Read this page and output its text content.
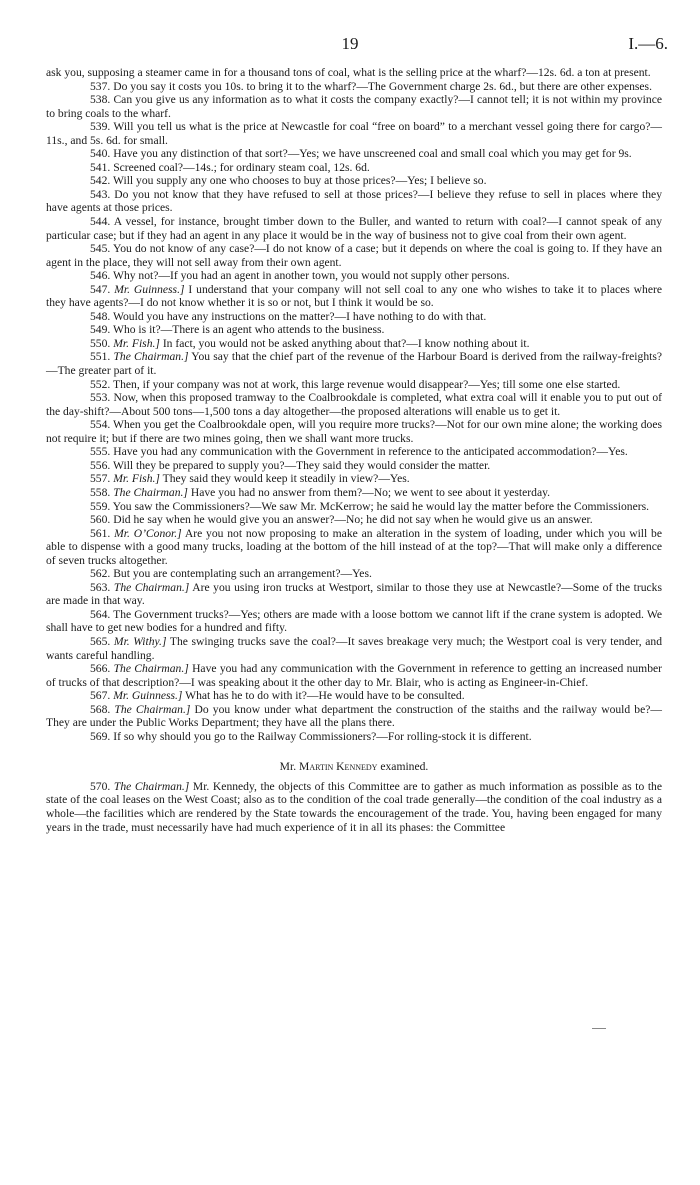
19	I.—6.

ask you, supposing a steamer came in for a thousand tons of coal, what is the selling price at the wharf?—12s. 6d. a ton at present.

537. Do you say it costs you 10s. to bring it to the wharf?—The Government charge 2s. 6d., but there are other expenses.

538. Can you give us any information as to what it costs the company exactly?—I cannot tell; it is not within my province to bring coals to the wharf.

539. Will you tell us what is the price at Newcastle for coal “free on board” to a merchant vessel going there for cargo?—11s., and 5s. 6d. for small.

540. Have you any distinction of that sort?—Yes; we have unscreened coal and small coal which you may get for 9s.

541. Screened coal?—14s.; for ordinary steam coal, 12s. 6d.

542. Will you supply any one who chooses to buy at those prices?—Yes; I believe so.

543. Do you not know that they have refused to sell at those prices?—I believe they refuse to sell in places where they have agents at those prices.

544. A vessel, for instance, brought timber down to the Buller, and wanted to return with coal?—I cannot speak of any particular case; but if they had an agent in any place it would be in the way of business not to give coal from their own agent.

545. You do not know of any case?—I do not know of a case; but it depends on where the coal is going to. If they have an agent in the place, they will not sell away from their own agent.

546. Why not?—If you had an agent in another town, you would not supply other persons.

547. Mr. Guinness.] I understand that your company will not sell coal to any one who wishes to take it to places where they have agents?—I do not know whether it is so or not, but I think it would be so.

548. Would you have any instructions on the matter?—I have nothing to do with that.

549. Who is it?—There is an agent who attends to the business.

550. Mr. Fish.] In fact, you would not be asked anything about that?—I know nothing about it.

551. The Chairman.] You say that the chief part of the revenue of the Harbour Board is derived from the railway-freights?—The greater part of it.

552. Then, if your company was not at work, this large revenue would disappear?—Yes; till some one else started.

553. Now, when this proposed tramway to the Coalbrookdale is completed, what extra coal will it enable you to put out of the day-shift?—About 500 tons—1,500 tons a day altogether—the proposed alterations will enable us to get it.

554. When you get the Coalbrookdale open, will you require more trucks?—Not for our own mine alone; the working does not require it; but if there are two mines going, then we shall want more trucks.

555. Have you had any communication with the Government in reference to the anticipated accommodation?—Yes.

556. Will they be prepared to supply you?—They said they would consider the matter.

557. Mr. Fish.] They said they would keep it steadily in view?—Yes.

558. The Chairman.] Have you had no answer from them?—No; we went to see about it yesterday.

559. You saw the Commissioners?—We saw Mr. McKerrow; he said he would lay the matter before the Commissioners.

560. Did he say when he would give you an answer?—No; he did not say when he would give us an answer.

561. Mr. O’Conor.] Are you not now proposing to make an alteration in the system of loading, under which you will be able to dispense with a good many trucks, loading at the bottom of the hill instead of at the top?—That will make only a difference of seven trucks altogether.

562. But you are contemplating such an arrangement?—Yes.

563. The Chairman.] Are you using iron trucks at Westport, similar to those they use at Newcastle?—Some of the trucks are made in that way.

564. The Government trucks?—Yes; others are made with a loose bottom we cannot lift if the crane system is adopted. We shall have to get new bodies for a hundred and fifty.

565. Mr. Withy.] The swinging trucks save the coal?—It saves breakage very much; the Westport coal is very tender, and wants careful handling.

566. The Chairman.] Have you had any communication with the Government in reference to getting an increased number of trucks of that description?—I was speaking about it the other day to Mr. Blair, who is acting as Engineer-in-Chief.

567. Mr. Guinness.] What has he to do with it?—He would have to be consulted.

568. The Chairman.] Do you know under what department the construction of the staiths and the railway would be?—They are under the Public Works Department; they have all the plans there.

569. If so why should you go to the Railway Commissioners?—For rolling-stock it is different.

Mr. Martin Kennedy examined.

570. The Chairman.] Mr. Kennedy, the objects of this Committee are to gather as much information as possible as to the state of the coal leases on the West Coast; also as to the condition of the coal trade generally—the condition of the coal industry as a whole—the facilities which are rendered by the State towards the encouragement of the trade. You, having been engaged for many years in the trade, must necessarily have had much experience of it in all its phases: the Committee
